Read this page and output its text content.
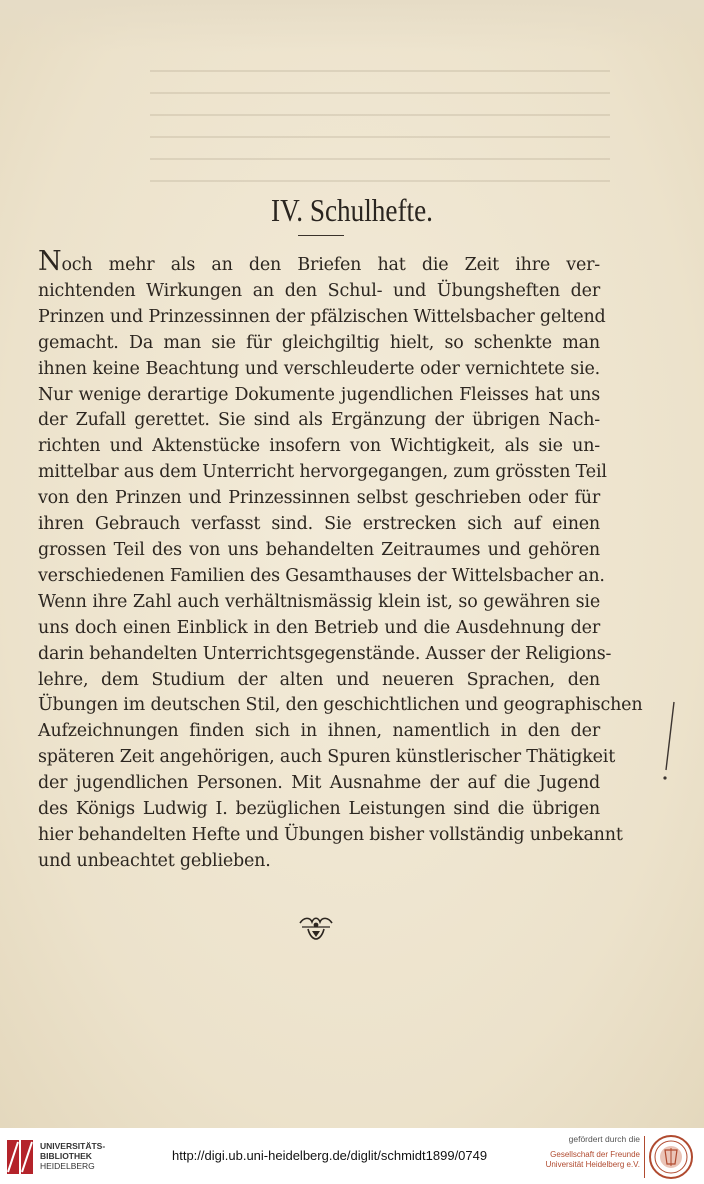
IV. Schulhefte.
Noch mehr als an den Briefen hat die Zeit ihre ver-
nichtenden Wirkungen an den Schul- und Übungsheften der
Prinzen und Prinzessinnen der pfälzischen Wittelsbacher geltend
gemacht. Da man sie für gleichgiltig hielt, so schenkte man
ihnen keine Beachtung und verschleuderte oder vernichtete sie.
Nur wenige derartige Dokumente jugendlichen Fleisses hat uns
der Zufall gerettet. Sie sind als Ergänzung der übrigen Nach-
richten und Aktenstücke insofern von Wichtigkeit, als sie un-
mittelbar aus dem Unterricht hervorgegangen, zum grössten Teil
von den Prinzen und Prinzessinnen selbst geschrieben oder für
ihren Gebrauch verfasst sind. Sie erstrecken sich auf einen
grossen Teil des von uns behandelten Zeitraumes und gehören
verschiedenen Familien des Gesamthauses der Wittelsbacher an.
Wenn ihre Zahl auch verhältnismässig klein ist, so gewähren sie
uns doch einen Einblick in den Betrieb und die Ausdehnung der
darin behandelten Unterrichtsgegenstände. Ausser der Religions-
lehre, dem Studium der alten und neueren Sprachen, den
Übungen im deutschen Stil, den geschichtlichen und geographischen
Aufzeichnungen finden sich in ihnen, namentlich in den der
späteren Zeit angehörigen, auch Spuren künstlerischer Thätigkeit
der jugendlichen Personen. Mit Ausnahme der auf die Jugend
des Königs Ludwig I. bezüglichen Leistungen sind die übrigen
hier behandelten Hefte und Übungen bisher vollständig unbekannt
und unbeachtet geblieben.
UNIVERSITÄTS-
BIBLIOTHEK
HEIDELBERG
http://digi.ub.uni-heidelberg.de/diglit/schmidt1899/0749
gefördert durch die
Gesellschaft der Freunde
Universität Heidelberg e.V.
